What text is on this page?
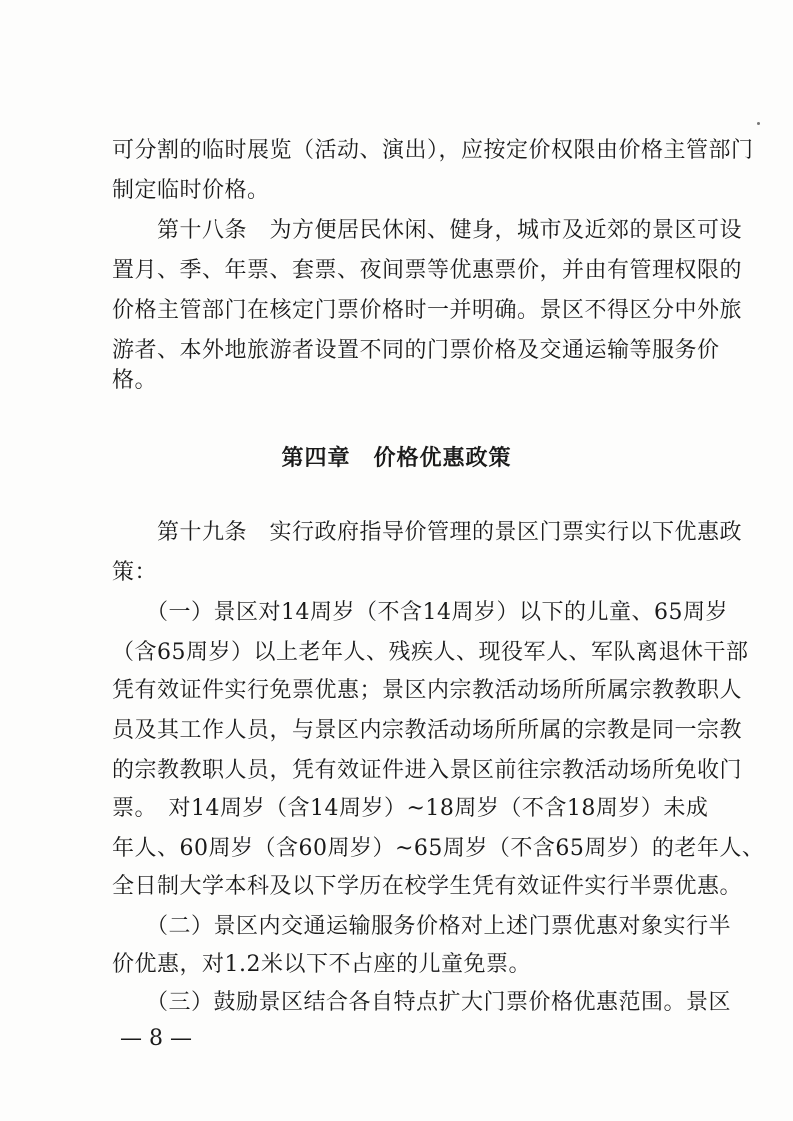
可分割的临时展览（活动、演出），应按定价权限由价格主管部门
制定临时价格。
　　第十八条　为方便居民休闲、健身，城市及近郊的景区可设
置月、季、年票、套票、夜间票等优惠票价，并由有管理权限的
价格主管部门在核定门票价格时一并明确。景区不得区分中外旅
游者、本外地旅游者设置不同的门票价格及交通运输等服务价
格。
第四章　价格优惠政策
　　第十九条　实行政府指导价管理的景区门票实行以下优惠政
策：
　　（一）景区对14周岁（不含14周岁）以下的儿童、65周岁
（含65周岁）以上老年人、残疾人、现役军人、军队离退休干部
凭有效证件实行免票优惠；景区内宗教活动场所所属宗教教职人
员及其工作人员，与景区内宗教活动场所所属的宗教是同一宗教
的宗教教职人员，凭有效证件进入景区前往宗教活动场所免收门
票。　对14周岁（含14周岁）~18周岁（不含18周岁）未成
年人、60周岁（含60周岁）~65周岁（不含65周岁）的老年人、
全日制大学本科及以下学历在校学生凭有效证件实行半票优惠。
　　（二）景区内交通运输服务价格对上述门票优惠对象实行半
价优惠，对1.2米以下不占座的儿童免票。
　　（三）鼓励景区结合各自特点扩大门票价格优惠范围。景区
— 8 —
